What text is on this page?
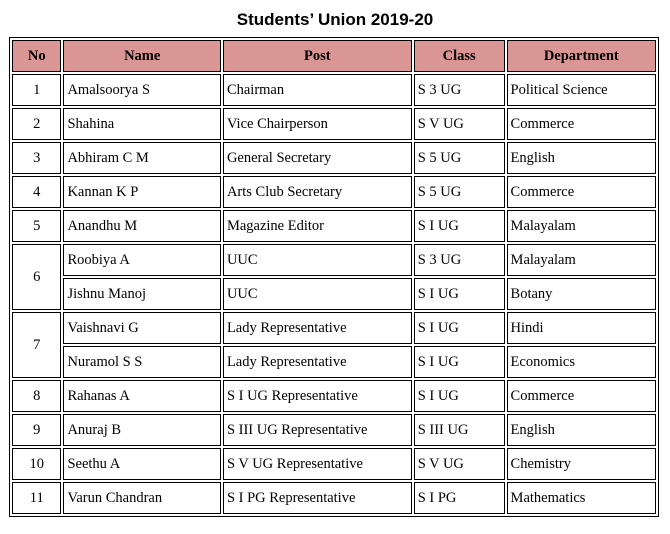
Students’ Union 2019-20
No	Name	Post	Class	Department
1	Amalsoorya S	Chairman	S 3 UG	Political Science
2	Shahina	Vice Chairperson	S V UG	Commerce
3	Abhiram C M	General Secretary	S 5 UG	English
4	Kannan K P	Arts Club Secretary	S 5 UG	Commerce
5	Anandhu M	Magazine Editor	S I UG	Malayalam
6	Roobiya A	UUC	S 3 UG	Malayalam
	Jishnu Manoj	UUC	S I UG	Botany
7	Vaishnavi G	Lady Representative	S I UG	Hindi
	Nuramol S S	Lady Representative	S I UG	Economics
8	Rahanas A	S I UG Representative	S I UG	Commerce
9	Anuraj B	S III UG Representative	S III UG	English
10	Seethu A	S V UG Representative	S V UG	Chemistry
11	Varun Chandran	S I PG Representative	S I PG	Mathematics
